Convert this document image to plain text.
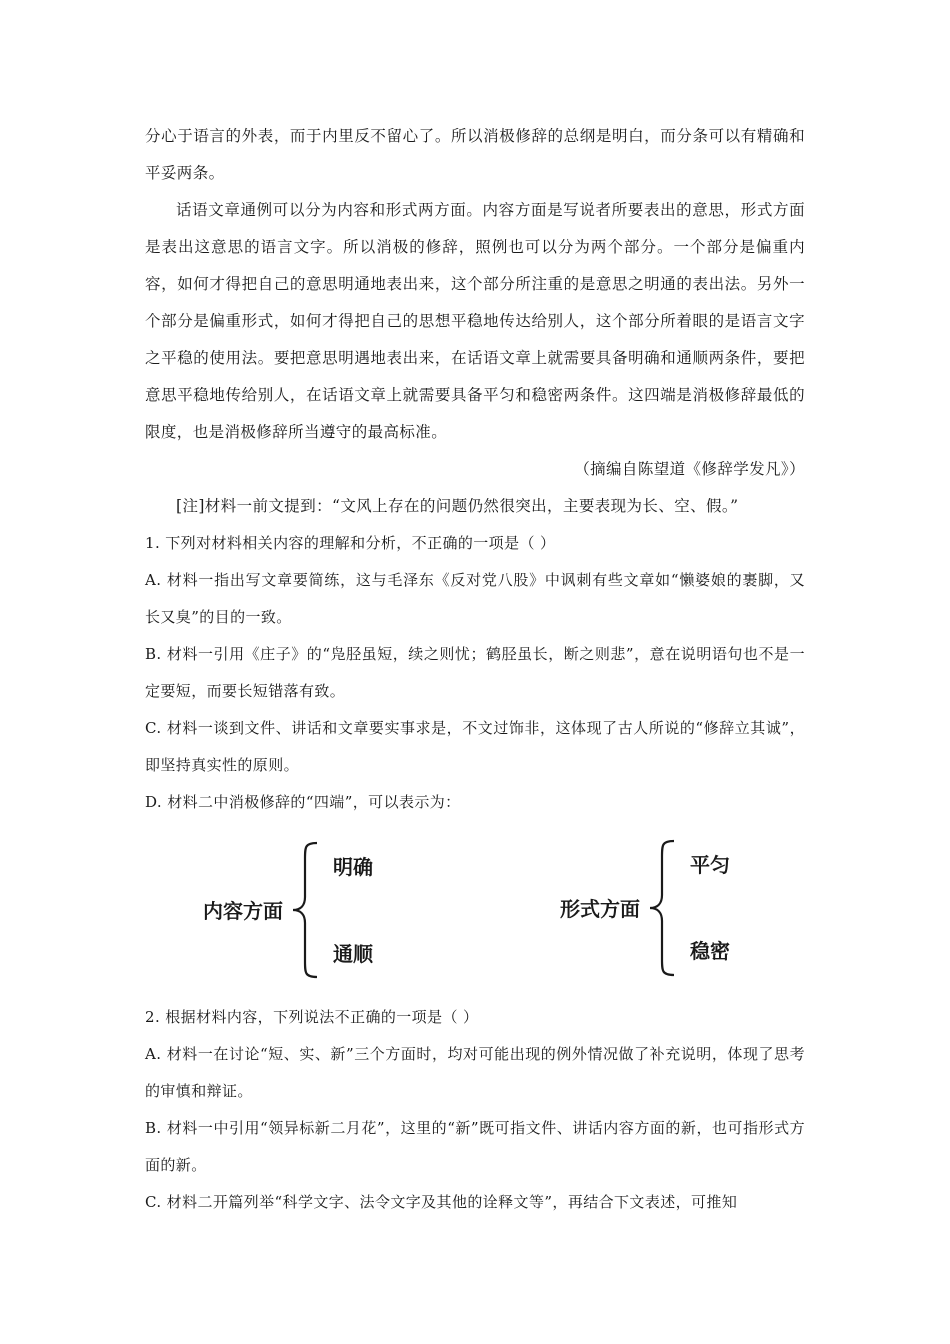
分心于语言的外表，而于内里反不留心了。所以消极修辞的总纲是明白，而分条可以有精确和平妥两条。

话语文章通例可以分为内容和形式两方面。内容方面是写说者所要表出的意思，形式方面是表出这意思的语言文字。所以消极的修辞，照例也可以分为两个部分。一个部分是偏重内容，如何才得把自己的意思明通地表出来，这个部分所注重的是意思之明通的表出法。另外一个部分是偏重形式，如何才得把自己的思想平稳地传达给别人，这个部分所着眼的是语言文字之平稳的使用法。要把意思明遇地表出来，在话语文章上就需要具备明确和通顺两条件，要把意思平稳地传给别人，在话语文章上就需要具备平匀和稳密两条件。这四端是消极修辞最低的限度，也是消极修辞所当遵守的最高标准。

（摘编自陈望道《修辞学发凡》）

[注]材料一前文提到：“文风上存在的问题仍然很突出，主要表现为长、空、假。”

1. 下列对材料相关内容的理解和分析，不正确的一项是（ ）

A. 材料一指出写文章要简练，这与毛泽东《反对党八股》中讽刺有些文章如“懒婆娘的裹脚，又长又臭”的目的一致。

B. 材料一引用《庄子》的“凫胫虽短，续之则忧；鹤胫虽长，断之则悲”，意在说明语句也不是一定要短，而要长短错落有致。

C. 材料一谈到文件、讲话和文章要实事求是，不文过饰非，这体现了古人所说的“修辞立其诚”，即坚持真实性的原则。

D. 材料二中消极修辞的“四端”，可以表示为：

内容方面
明确
通顺
形式方面
平匀
稳密

2. 根据材料内容，下列说法不正确的一项是（ ）

A. 材料一在讨论“短、实、新”三个方面时，均对可能出现的例外情况做了补充说明，体现了思考的审慎和辩证。

B. 材料一中引用“领异标新二月花”，这里的“新”既可指文件、讲话内容方面的新，也可指形式方面的新。

C. 材料二开篇列举“科学文字、法令文字及其他的诠释文等”，再结合下文表述，可推知
